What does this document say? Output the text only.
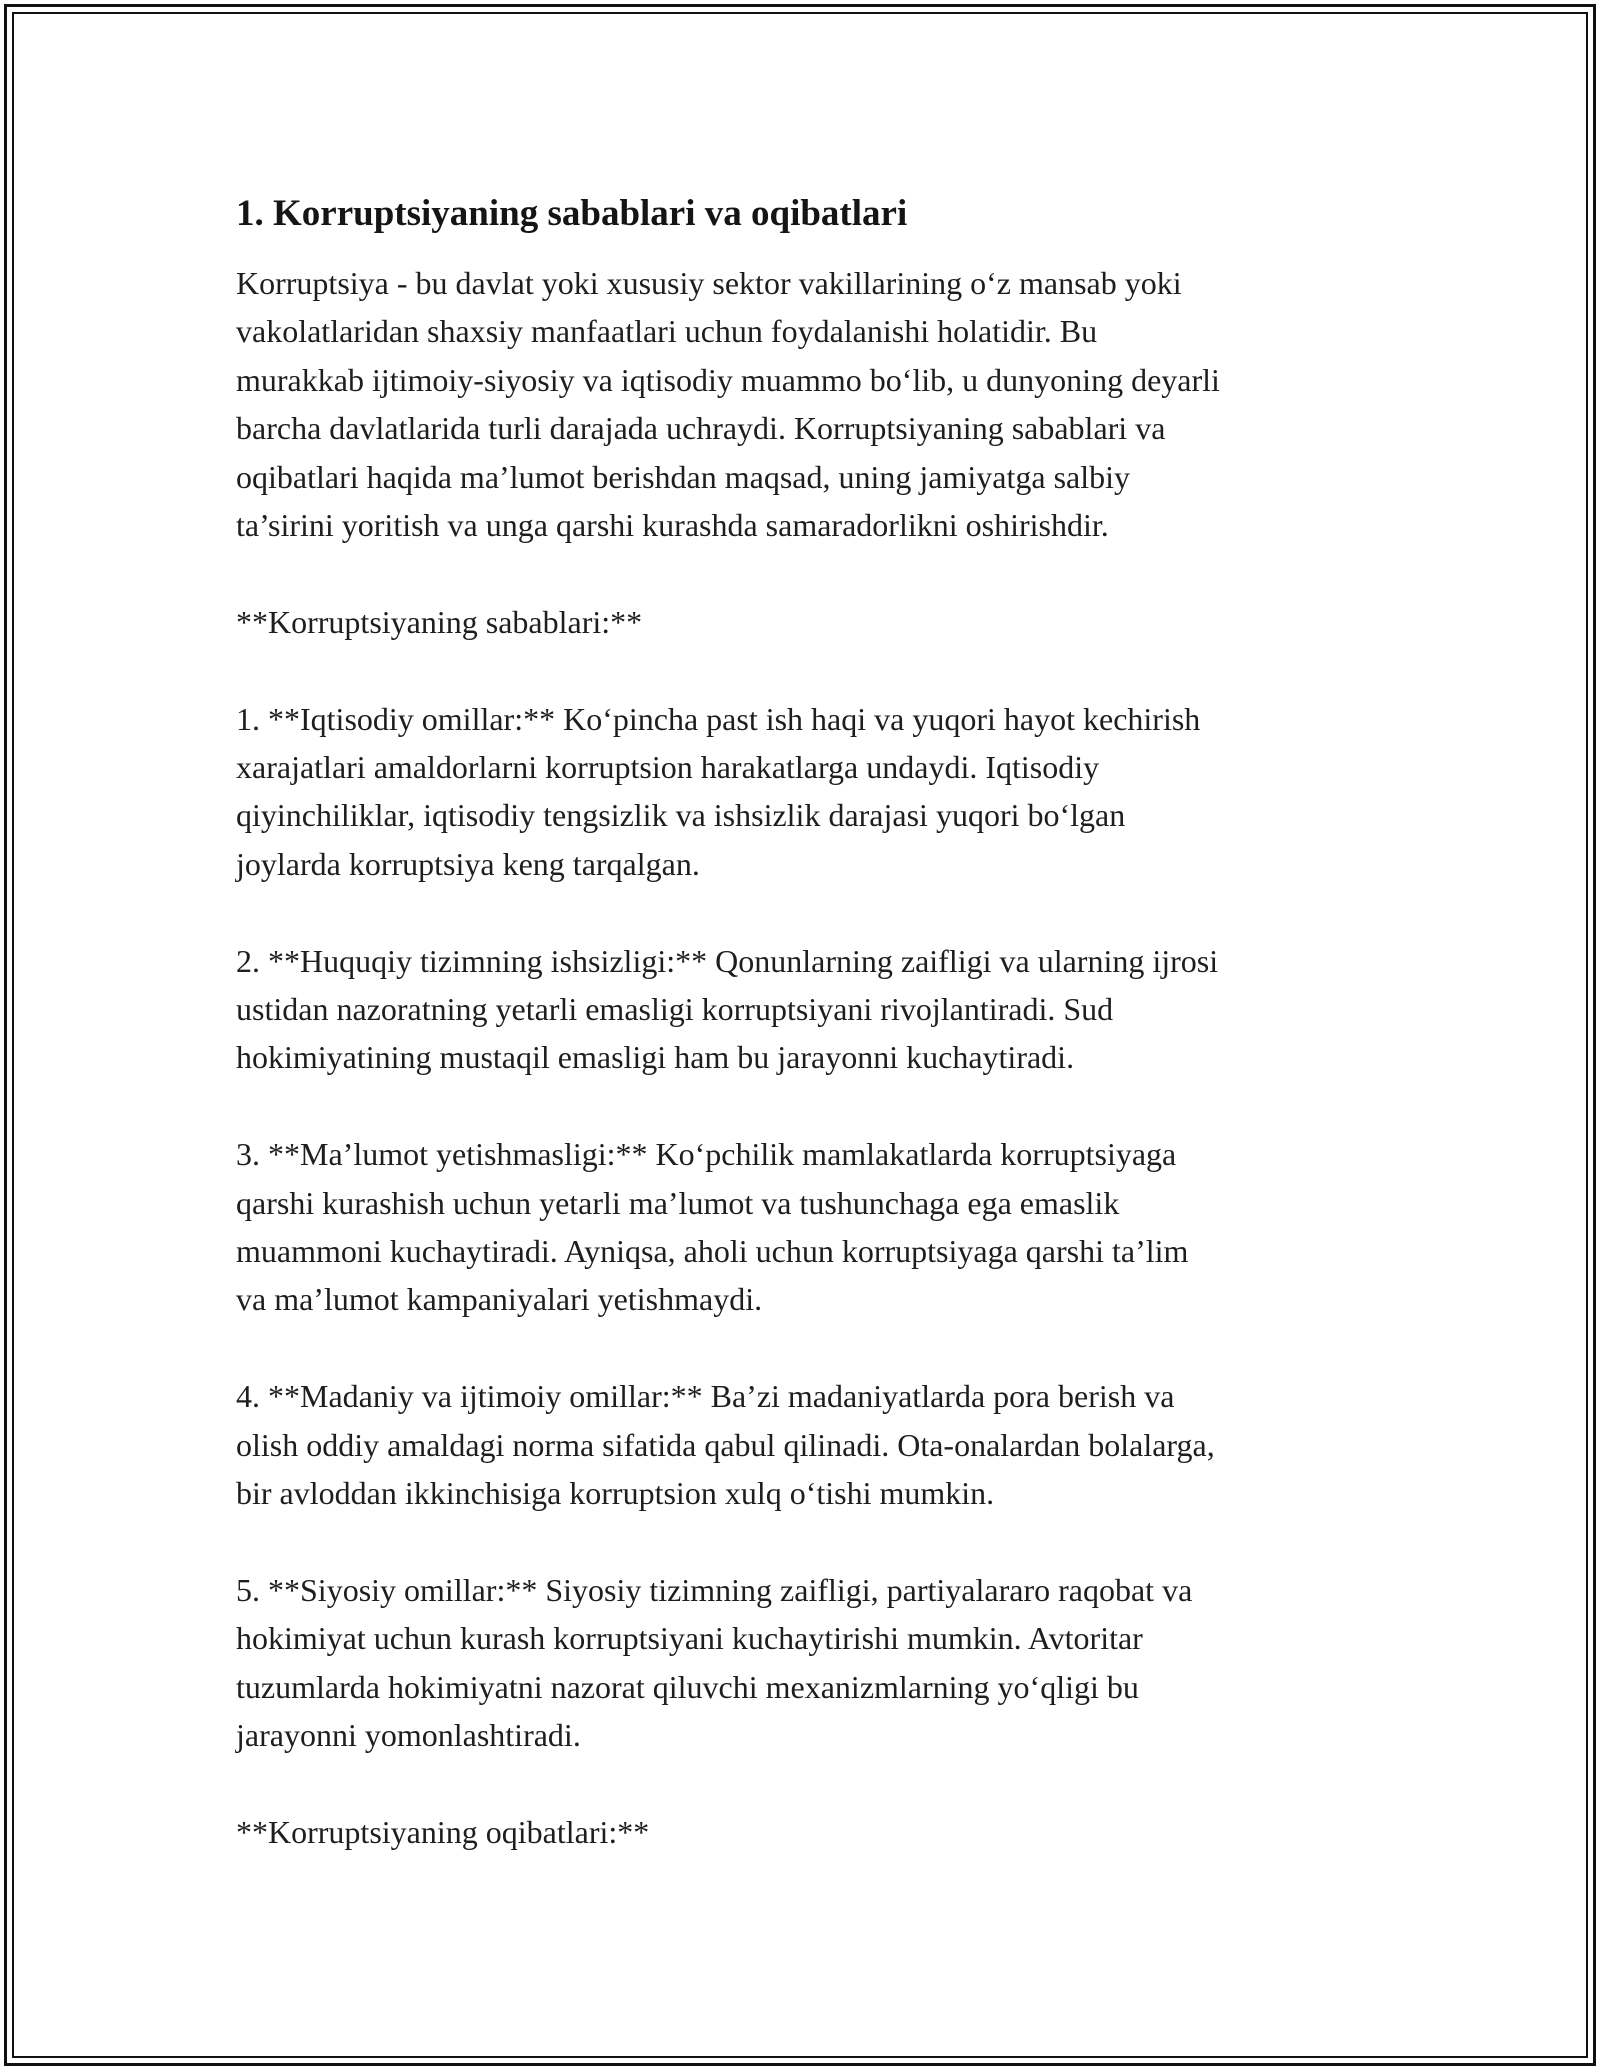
1. Korruptsiyaning sabablari va oqibatlari

Korruptsiya - bu davlat yoki xususiy sektor vakillarining o‘z mansab yoki
vakolatlaridan shaxsiy manfaatlari uchun foydalanishi holatidir. Bu
murakkab ijtimoiy-siyosiy va iqtisodiy muammo bo‘lib, u dunyoning deyarli
barcha davlatlarida turli darajada uchraydi. Korruptsiyaning sabablari va
oqibatlari haqida ma’lumot berishdan maqsad, uning jamiyatga salbiy
ta’sirini yoritish va unga qarshi kurashda samaradorlikni oshirishdir.

**Korruptsiyaning sabablari:**

1. **Iqtisodiy omillar:** Ko‘pincha past ish haqi va yuqori hayot kechirish
xarajatlari amaldorlarni korruptsion harakatlarga undaydi. Iqtisodiy
qiyinchiliklar, iqtisodiy tengsizlik va ishsizlik darajasi yuqori bo‘lgan
joylarda korruptsiya keng tarqalgan.

2. **Huquqiy tizimning ishsizligi:** Qonunlarning zaifligi va ularning ijrosi
ustidan nazoratning yetarli emasligi korruptsiyani rivojlantiradi. Sud
hokimiyatining mustaqil emasligi ham bu jarayonni kuchaytiradi.

3. **Ma’lumot yetishmasligi:** Ko‘pchilik mamlakatlarda korruptsiyaga
qarshi kurashish uchun yetarli ma’lumot va tushunchaga ega emaslik
muammoni kuchaytiradi. Ayniqsa, aholi uchun korruptsiyaga qarshi ta’lim
va ma’lumot kampaniyalari yetishmaydi.

4. **Madaniy va ijtimoiy omillar:** Ba’zi madaniyatlarda pora berish va
olish oddiy amaldagi norma sifatida qabul qilinadi. Ota-onalardan bolalarga,
bir avloddan ikkinchisiga korruptsion xulq o‘tishi mumkin.

5. **Siyosiy omillar:** Siyosiy tizimning zaifligi, partiyalararo raqobat va
hokimiyat uchun kurash korruptsiyani kuchaytirishi mumkin. Avtoritar
tuzumlarda hokimiyatni nazorat qiluvchi mexanizmlarning yo‘qligi bu
jarayonni yomonlashtiradi.

**Korruptsiyaning oqibatlari:**
